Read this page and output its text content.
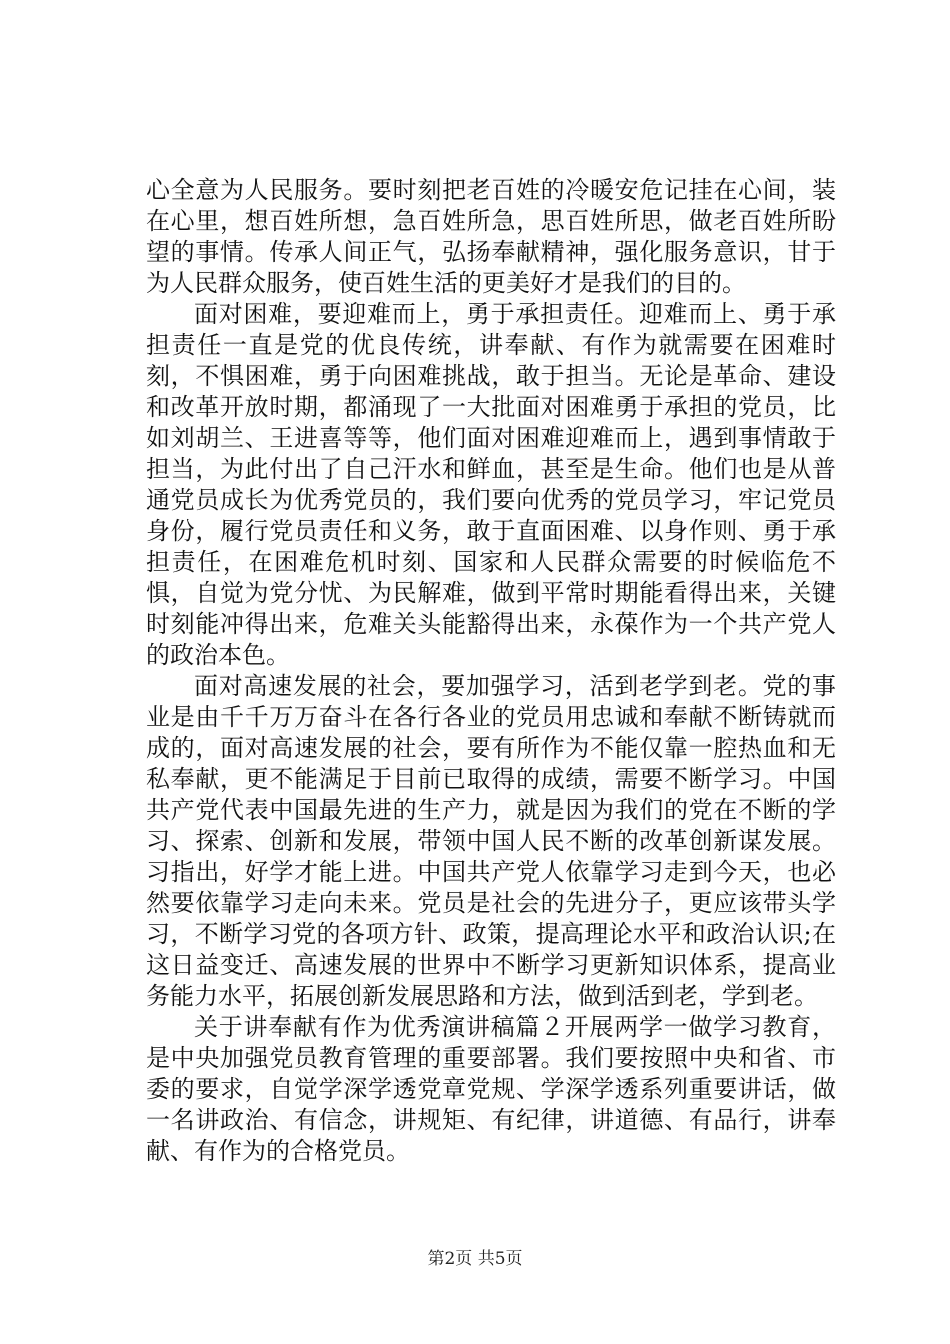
心全意为人民服务。要时刻把老百姓的冷暖安危记挂在心间，装在心里，想百姓所想，急百姓所急，思百姓所思，做老百姓所盼望的事情。传承人间正气，弘扬奉献精神，强化服务意识，甘于为人民群众服务，使百姓生活的更美好才是我们的目的。

面对困难，要迎难而上，勇于承担责任。迎难而上、勇于承担责任一直是党的优良传统，讲奉献、有作为就需要在困难时刻，不惧困难，勇于向困难挑战，敢于担当。无论是革命、建设和改革开放时期，都涌现了一大批面对困难勇于承担的党员，比如刘胡兰、王进喜等等，他们面对困难迎难而上，遇到事情敢于担当，为此付出了自己汗水和鲜血，甚至是生命。他们也是从普通党员成长为优秀党员的，我们要向优秀的党员学习，牢记党员身份，履行党员责任和义务，敢于直面困难、以身作则、勇于承担责任，在困难危机时刻、国家和人民群众需要的时候临危不惧，自觉为党分忧、为民解难，做到平常时期能看得出来，关键时刻能冲得出来，危难关头能豁得出来，永葆作为一个共产党人的政治本色。

面对高速发展的社会，要加强学习，活到老学到老。党的事业是由千千万万奋斗在各行各业的党员用忠诚和奉献不断铸就而成的，面对高速发展的社会，要有所作为不能仅靠一腔热血和无私奉献，更不能满足于目前已取得的成绩，需要不断学习。中国共产党代表中国最先进的生产力，就是因为我们的党在不断的学习、探索、创新和发展，带领中国人民不断的改革创新谋发展。习指出，好学才能上进。中国共产党人依靠学习走到今天，也必然要依靠学习走向未来。党员是社会的先进分子，更应该带头学习，不断学习党的各项方针、政策，提高理论水平和政治认识;在这日益变迁、高速发展的世界中不断学习更新知识体系，提高业务能力水平，拓展创新发展思路和方法，做到活到老，学到老。

关于讲奉献有作为优秀演讲稿篇２开展两学一做学习教育，是中央加强党员教育管理的重要部署。我们要按照中央和省、市委的要求，自觉学深学透党章党规、学深学透系列重要讲话，做一名讲政治、有信念，讲规矩、有纪律，讲道德、有品行，讲奉献、有作为的合格党员。

第2页 共5页
